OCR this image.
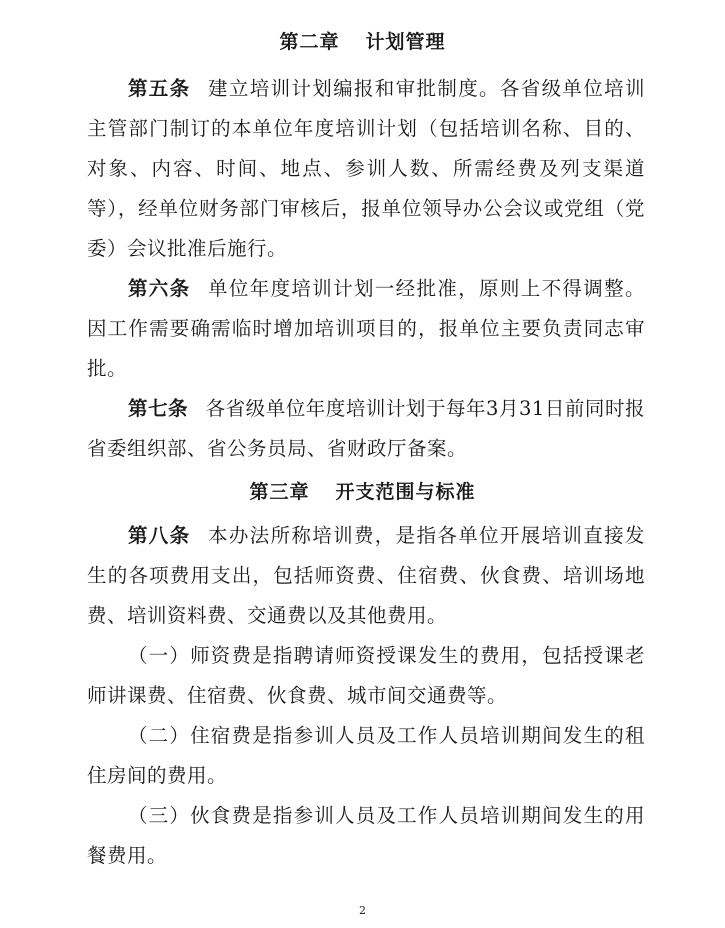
第二章 计划管理

第五条 建立培训计划编报和审批制度。各省级单位培训主管部门制订的本单位年度培训计划（包括培训名称、目的、对象、内容、时间、地点、参训人数、所需经费及列支渠道等），经单位财务部门审核后，报单位领导办公会议或党组（党委）会议批准后施行。

第六条 单位年度培训计划一经批准，原则上不得调整。因工作需要确需临时增加培训项目的，报单位主要负责同志审批。

第七条 各省级单位年度培训计划于每年3月31日前同时报省委组织部、省公务员局、省财政厅备案。

第三章 开支范围与标准

第八条 本办法所称培训费，是指各单位开展培训直接发生的各项费用支出，包括师资费、住宿费、伙食费、培训场地费、培训资料费、交通费以及其他费用。

（一）师资费是指聘请师资授课发生的费用，包括授课老师讲课费、住宿费、伙食费、城市间交通费等。

（二）住宿费是指参训人员及工作人员培训期间发生的租住房间的费用。

（三）伙食费是指参训人员及工作人员培训期间发生的用餐费用。

2
